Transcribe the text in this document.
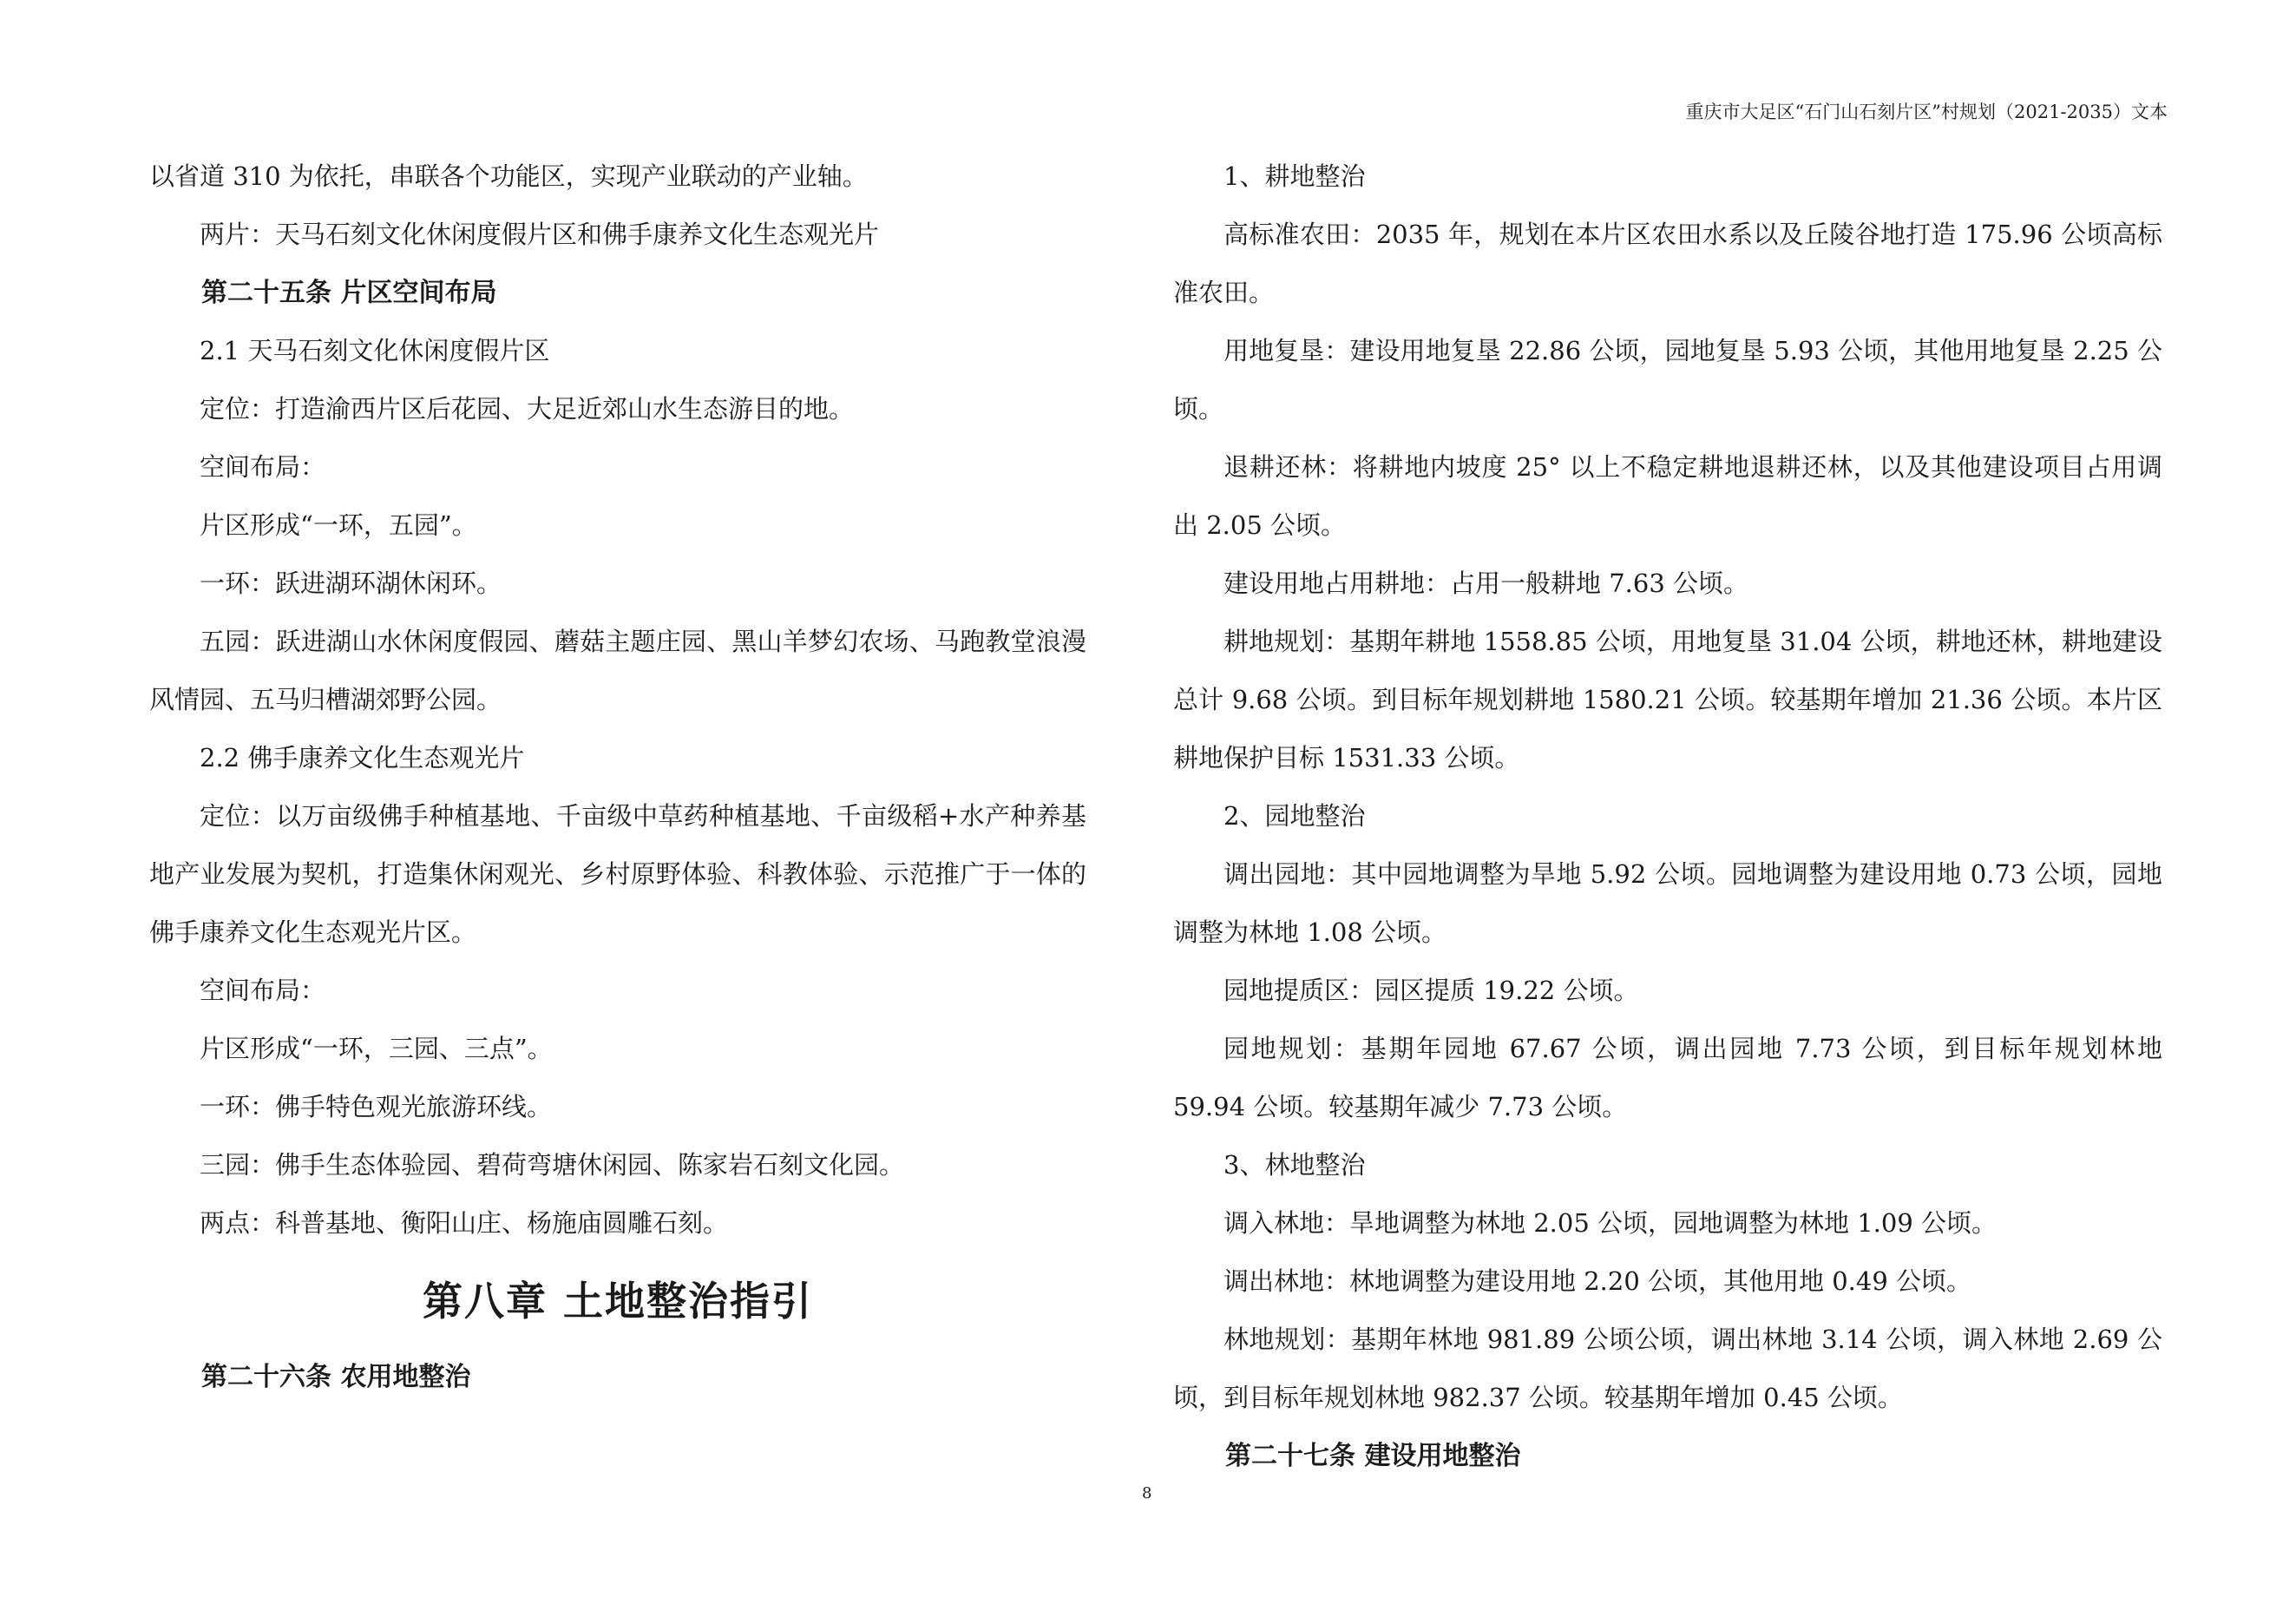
重庆市大足区“石门山石刻片区”村规划（2021-2035）文本

以省道 310 为依托，串联各个功能区，实现产业联动的产业轴。

两片：天马石刻文化休闲度假片区和佛手康养文化生态观光片

第二十五条 片区空间布局

2.1 天马石刻文化休闲度假片区

定位：打造渝西片区后花园、大足近郊山水生态游目的地。

空间布局：

片区形成“一环，五园”。

一环：跃进湖环湖休闲环。

五园：跃进湖山水休闲度假园、蘑菇主题庄园、黑山羊梦幻农场、马跑教堂浪漫风情园、五马归槽湖郊野公园。

2.2 佛手康养文化生态观光片

定位：以万亩级佛手种植基地、千亩级中草药种植基地、千亩级稻+水产种养基地产业发展为契机，打造集休闲观光、乡村原野体验、科教体验、示范推广于一体的佛手康养文化生态观光片区。

空间布局：

片区形成“一环，三园、三点”。

一环：佛手特色观光旅游环线。

三园：佛手生态体验园、碧荷弯塘休闲园、陈家岩石刻文化园。

两点：科普基地、衡阳山庄、杨施庙圆雕石刻。

第八章 土地整治指引

第二十六条 农用地整治

1、耕地整治

高标准农田：2035 年，规划在本片区农田水系以及丘陵谷地打造 175.96 公顷高标准农田。

用地复垦：建设用地复垦 22.86 公顷，园地复垦 5.93 公顷，其他用地复垦 2.25 公顷。

退耕还林：将耕地内坡度 25° 以上不稳定耕地退耕还林，以及其他建设项目占用调出 2.05 公顷。

建设用地占用耕地：占用一般耕地 7.63 公顷。

耕地规划：基期年耕地 1558.85 公顷，用地复垦 31.04 公顷，耕地还林，耕地建设总计 9.68 公顷。到目标年规划耕地 1580.21 公顷。较基期年增加 21.36 公顷。本片区耕地保护目标 1531.33 公顷。

2、园地整治

调出园地：其中园地调整为旱地 5.92 公顷。园地调整为建设用地 0.73 公顷，园地调整为林地 1.08 公顷。

园地提质区：园区提质 19.22 公顷。

园地规划：基期年园地 67.67 公顷，调出园地 7.73 公顷，到目标年规划林地 59.94 公顷。较基期年减少 7.73 公顷。

3、林地整治

调入林地：旱地调整为林地 2.05 公顷，园地调整为林地 1.09 公顷。

调出林地：林地调整为建设用地 2.20 公顷，其他用地 0.49 公顷。

林地规划：基期年林地 981.89 公顷公顷，调出林地 3.14 公顷，调入林地 2.69 公顷，到目标年规划林地 982.37 公顷。较基期年增加 0.45 公顷。

第二十七条 建设用地整治

8
